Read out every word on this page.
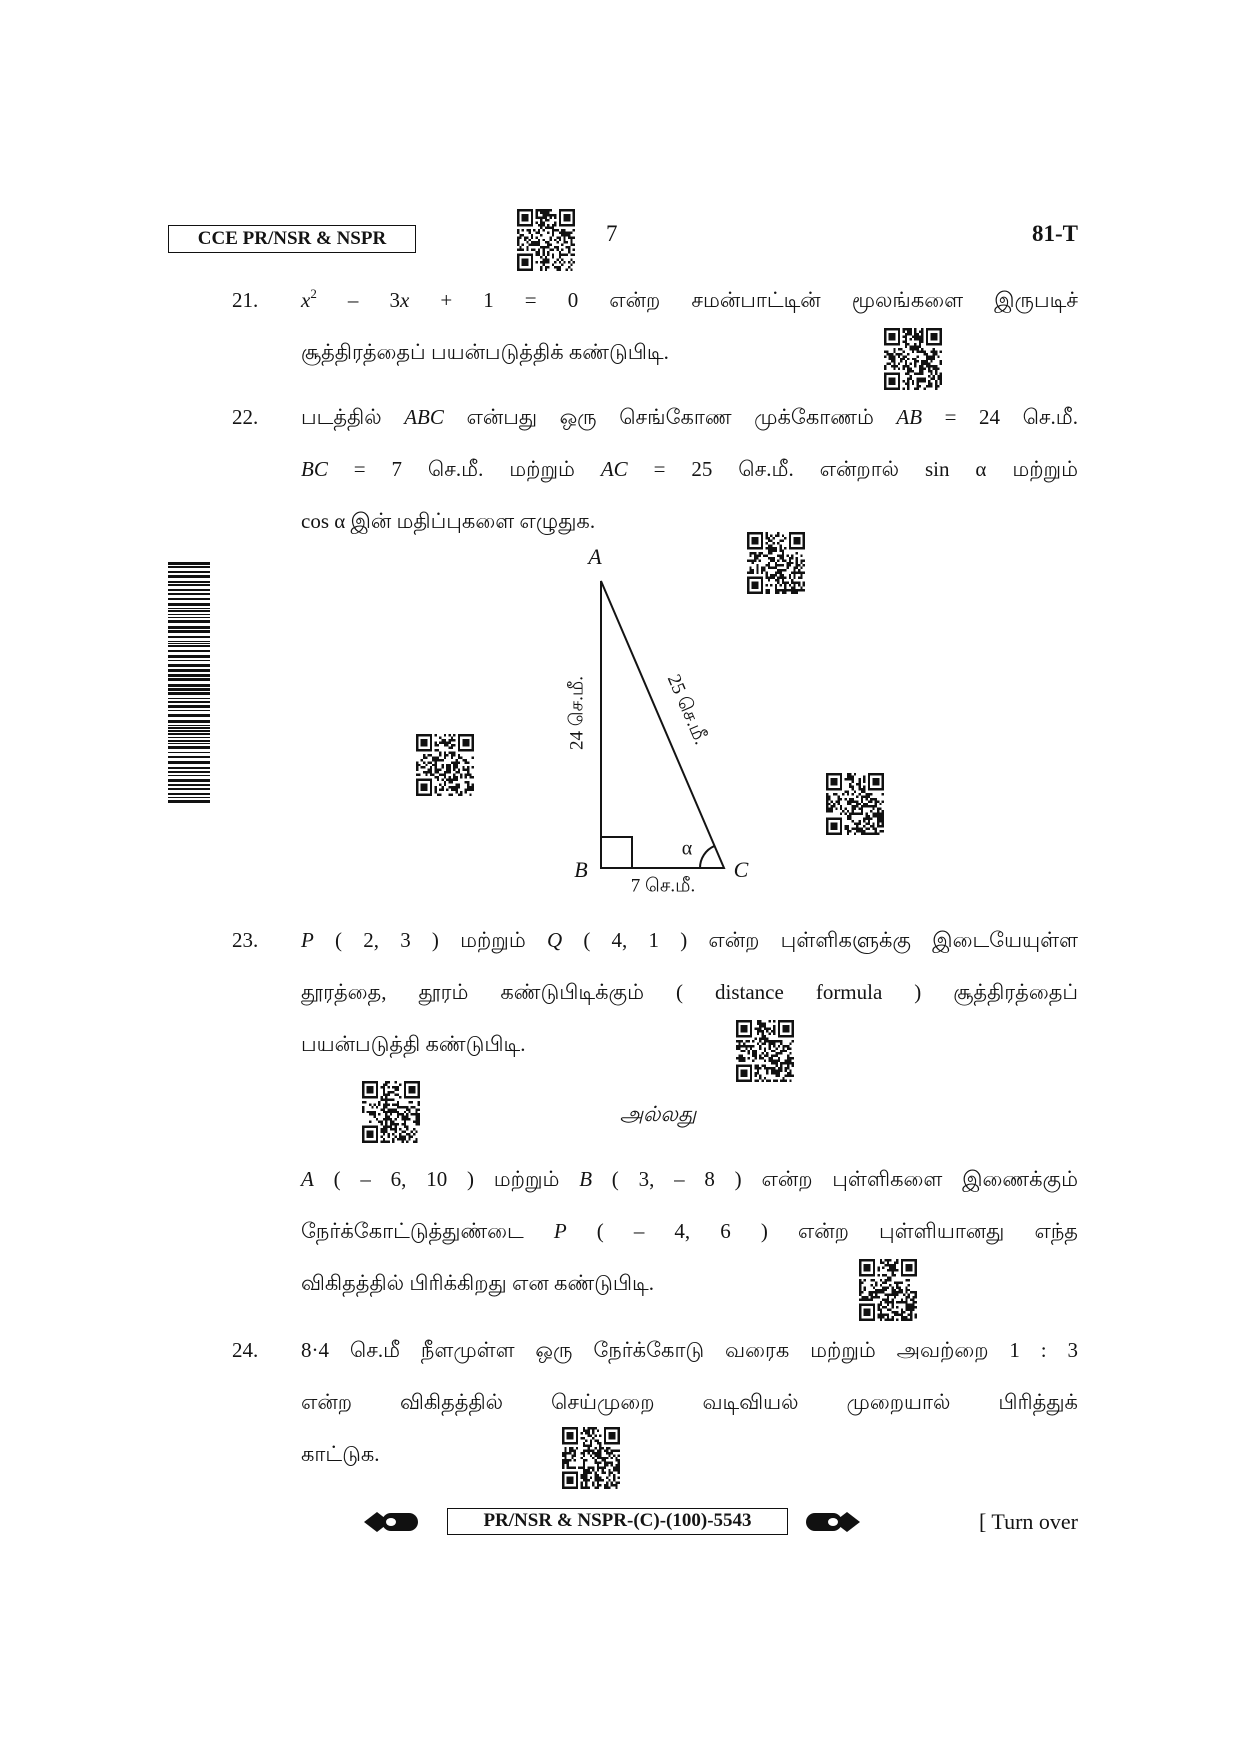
CCE PR/NSR & NSPR	7	81-T
21. $x^2 - 3x + 1 = 0$ என்ற சமன்பாட்டின் மூலங்களை இருபடிச்
சூத்திரத்தைப் பயன்படுத்திக் கண்டுபிடி.
22. படத்தில் ABC என்பது ஒரு செங்கோண முக்கோணம் AB = 24 செ.மீ.
BC = 7 செ.மீ. மற்றும் AC = 25 செ.மீ. என்றால் sin α மற்றும்
cos α இன் மதிப்புகளை எழுதுக.
A
B	C
α
24 செ.மீ.	25 செ.மீ.
7 செ.மீ.
23. P ( 2, 3 ) மற்றும் Q ( 4, 1 ) என்ற புள்ளிகளுக்கு இடையேயுள்ள
தூரத்தை, தூரம் கண்டுபிடிக்கும் ( distance formula ) சூத்திரத்தைப்
பயன்படுத்தி கண்டுபிடி.
அல்லது
A ( – 6, 10 ) மற்றும் B ( 3, – 8 ) என்ற புள்ளிகளை இணைக்கும்
நேர்க்கோட்டுத்துண்டை P ( – 4, 6 ) என்ற புள்ளியானது எந்த
விகிதத்தில் பிரிக்கிறது என கண்டுபிடி.
24. 8·4 செ.மீ நீளமுள்ள ஒரு நேர்க்கோடு வரைக மற்றும் அவற்றை 1 : 3
என்ற விகிதத்தில் செய்முறை வடிவியல் முறையால் பிரித்துக்
காட்டுக.
PR/NSR & NSPR-(C)-(100)-5543	[ Turn over
